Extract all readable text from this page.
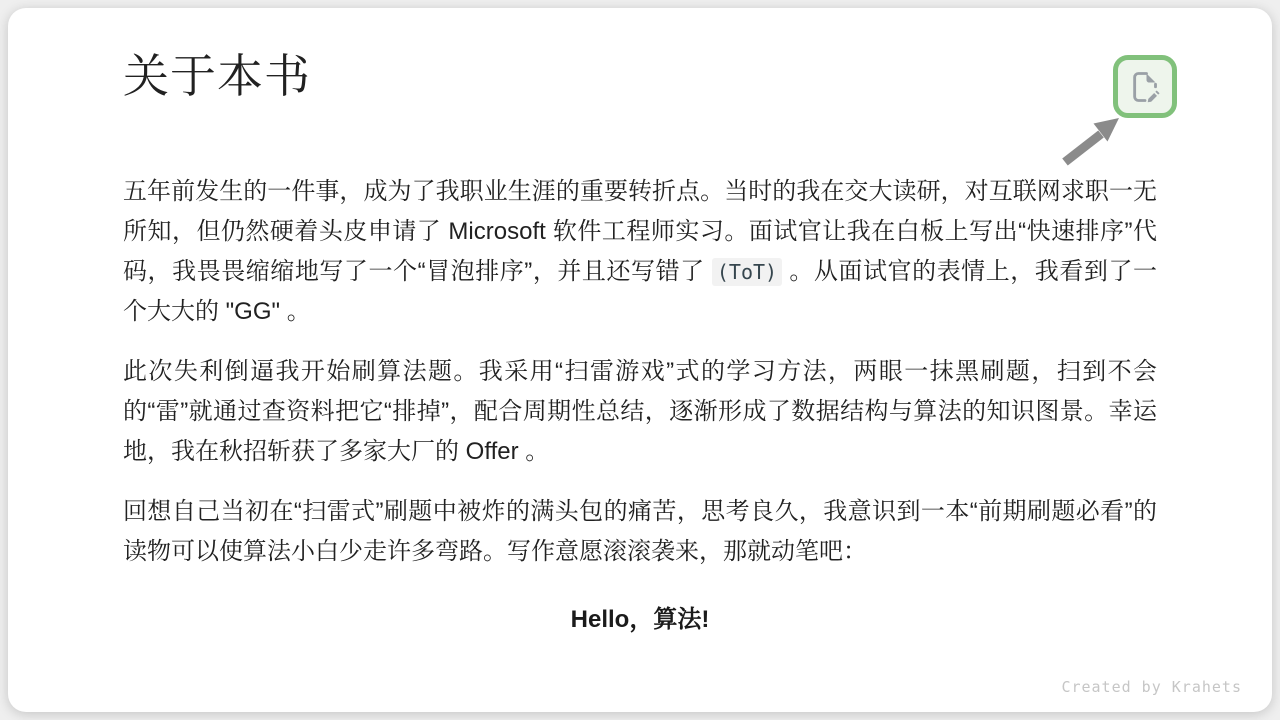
关于本书

五年前发生的一件事，成为了我职业生涯的重要转折点。当时的我在交大读研，对互联网求职一无所知，但仍然硬着头皮申请了 Microsoft 软件工程师实习。面试官让我在白板上写出“快速排序”代码，我畏畏缩缩地写了一个“冒泡排序”，并且还写错了 (ToT) 。从面试官的表情上，我看到了一个大大的 "GG" 。

此次失利倒逼我开始刷算法题。我采用“扫雷游戏”式的学习方法，两眼一抹黑刷题，扫到不会的“雷”就通过查资料把它“排掉”，配合周期性总结，逐渐形成了数据结构与算法的知识图景。幸运地，我在秋招斩获了多家大厂的 Offer 。

回想自己当初在“扫雷式”刷题中被炸的满头包的痛苦，思考良久，我意识到一本“前期刷题必看”的读物可以使算法小白少走许多弯路。写作意愿滚滚袭来，那就动笔吧：

Hello，算法!

Created by Krahets
